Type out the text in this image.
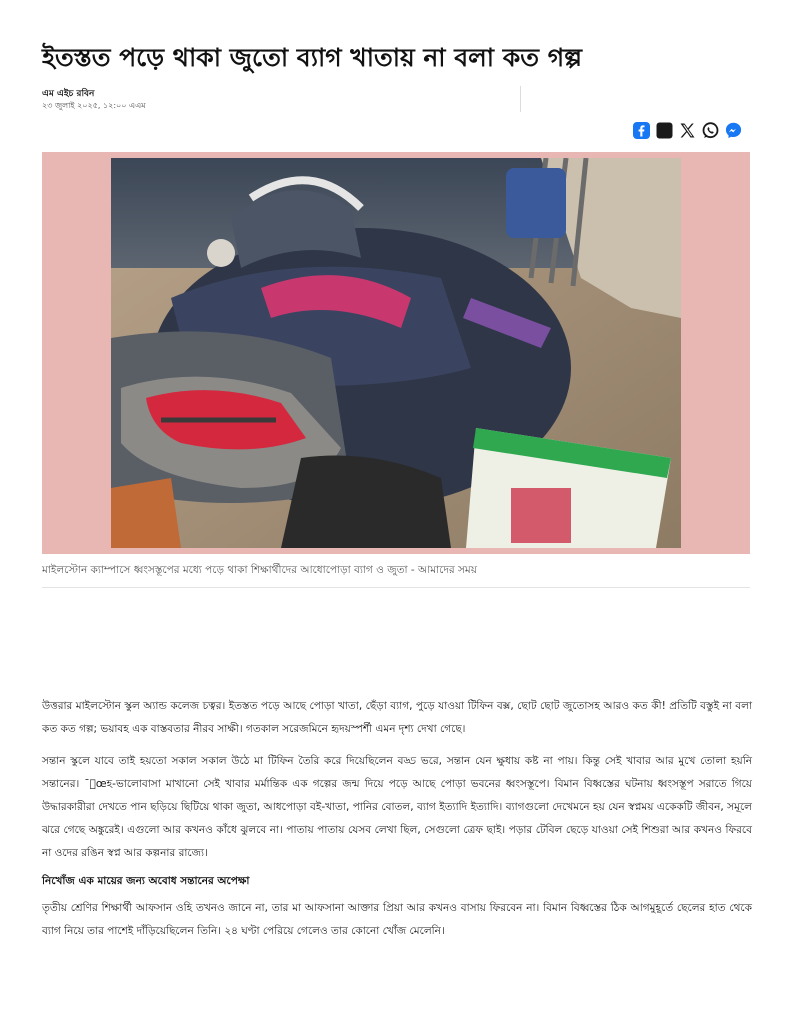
ইতস্তত পড়ে থাকা জুতো ব্যাগ খাতায় না বলা কত গল্প
এম এইচ রবিন
২৩ জুলাই ২০২৫, ১২:০০ এএম
মাইলস্টোন ক্যাম্পাসে ধ্বংসস্তূপের মধ্যে পড়ে থাকা শিক্ষার্থীদের আধোপোড়া ব্যাগ ও জুতা - আমাদের সময়

উত্তরার মাইলস্টোন স্কুল অ্যান্ড কলেজ চত্বর। ইতস্তত পড়ে আছে পোড়া খাতা, ছেঁড়া ব্যাগ, পুড়ে যাওয়া টিফিন বক্স, ছোট ছোট জুতোসহ আরও কত কী! প্রতিটি বস্তুই না বলা কত কত গল্প; ভয়াবহ এক বাস্তবতার নীরব সাক্ষী। গতকাল সরেজমিনে হৃদয়স্পর্শী এমন দৃশ্য দেখা গেছে।

সন্তান স্কুলে যাবে তাই হয়তো সকাল সকাল উঠে মা টিফিন তৈরি করে দিয়েছিলেন বড্ড ভরে, সন্তান যেন ক্ষুধায় কষ্ট না পায়। কিন্তু সেই খাবার আর মুখে তোলা হয়নি সন্তানের। ¯েœহ-ভালোবাসা মাখানো সেই খাবার মর্মান্তিক এক গল্পের জন্ম দিয়ে পড়ে আছে পোড়া ভবনের ধ্বংসস্তূপে। বিমান বিধ্বস্তের ঘটনায় ধ্বংসস্তূপ সরাতে গিয়ে উদ্ধারকারীরা দেখতে পান ছড়িয়ে ছিটিয়ে থাকা জুতা, আধপোড়া বই-খাতা, পানির বোতল, ব্যাগ ইত্যাদি ইত্যাদি। ব্যাগগুলো দেখেমনে হয় যেন স্বপ্নময় একেকটি জীবন, সমূলে ঝরে গেছে অঙ্কুরেই। এগুলো আর কখনও কাঁধে ঝুলবে না। পাতায় পাতায় যেসব লেখা ছিল, সেগুলো ত্রেফ ছাই। পড়ার টেবিল ছেড়ে যাওয়া সেই শিশুরা আর কখনও ফিরবে না ওদের রঙিন স্বপ্ন আর কল্পনার রাজ্যে।

নিখোঁজ এক মায়ের জন্য অবোধ সন্তানের অপেক্ষা

তৃতীয় শ্রেণির শিক্ষার্থী আফসান ওহি তখনও জানে না, তার মা আফসানা আক্তার প্রিয়া আর কখনও বাসায় ফিরবেন না। বিমান বিধ্বস্তের ঠিক আগমুহূর্তে ছেলের হাত থেকে ব্যাগ নিয়ে তার পাশেই দাঁড়িয়েছিলেন তিনি। ২৪ ঘণ্টা পেরিয়ে গেলেও তার কোনো খোঁজ মেলেনি।
